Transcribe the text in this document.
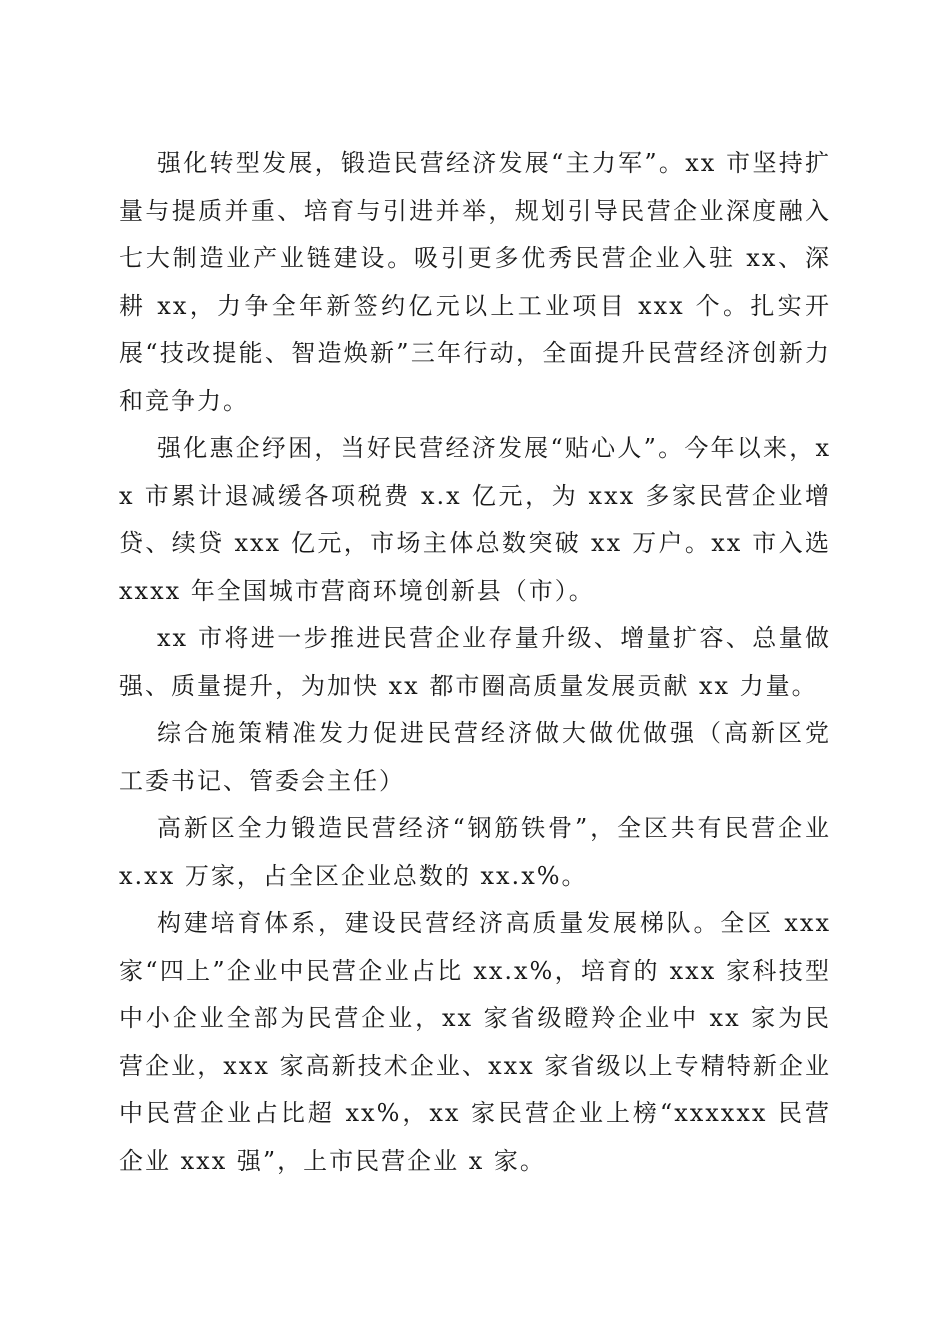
强化转型发展，锻造民营经济发展“主力军”。xx 市坚持扩量与提质并重、培育与引进并举，规划引导民营企业深度融入七大制造业产业链建设。吸引更多优秀民营企业入驻 xx、深耕 xx，力争全年新签约亿元以上工业项目 xxx 个。扎实开展“技改提能、智造焕新”三年行动，全面提升民营经济创新力和竞争力。

强化惠企纾困，当好民营经济发展“贴心人”。今年以来，xx 市累计退减缓各项税费 x.x 亿元，为 xxx 多家民营企业增贷、续贷 xxx 亿元，市场主体总数突破 xx 万户。xx 市入选 xxxx 年全国城市营商环境创新县（市）。

xx 市将进一步推进民营企业存量升级、增量扩容、总量做强、质量提升，为加快 xx 都市圈高质量发展贡献 xx 力量。

综合施策精准发力促进民营经济做大做优做强（高新区党工委书记、管委会主任）

高新区全力锻造民营经济“钢筋铁骨”，全区共有民营企业 x.xx 万家，占全区企业总数的 xx.x%。

构建培育体系，建设民营经济高质量发展梯队。全区 xxx 家“四上”企业中民营企业占比 xx.x%，培育的 xxx 家科技型中小企业全部为民营企业，xx 家省级瞪羚企业中 xx 家为民营企业，xxx 家高新技术企业、xxx 家省级以上专精特新企业中民营企业占比超 xx%，xx 家民营企业上榜“xxxxxx 民营企业 xxx 强”，上市民营企业 x 家。
